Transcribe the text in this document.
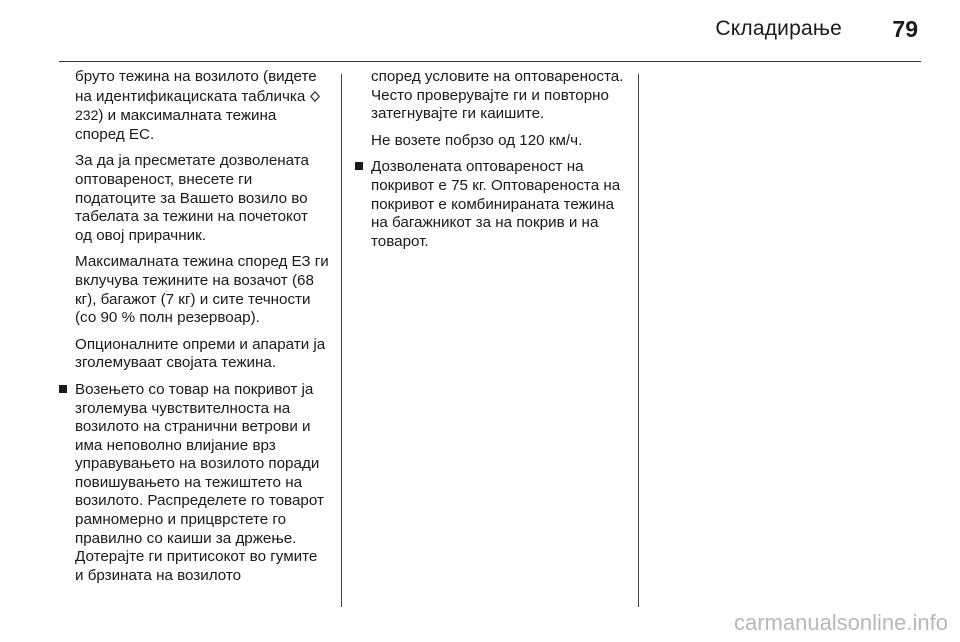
Складирање 79

бруто тежина на возилото (видете на идентификациската табличка  232) и максималната тежина според ЕС.

За да ја пресметате дозволената оптовареност, внесете ги податоците за Вашето возило во табелата за тежини на почетокот од овој прирачник.

Максималната тежина според ЕЗ ги вклучува тежините на возачот (68 кг), багажот (7 кг) и сите течности (со 90 % полн резервоар).

Опционалните опреми и апарати ја зголемуваат својата тежина.

Возењето со товар на покривот ја зголемува чувствителноста на возилото на странични ветрови и има неповолно влијание врз управувањето на возилото поради повишувањето на тежиштето на возилото. Распределете го товарот рамномерно и прицврстете го правилно со каиши за држење. Дотерајте ги притисокот во гумите и брзината на возилото

според условите на оптовареноста. Често проверувајте ги и повторно затегнувајте ги каишите.

Не возете побрзо од 120 км/ч.

Дозволената оптовареност на покривот е 75 кг. Оптовареноста на покривот е комбинираната тежина на багажникот за на покрив и на товарот.
carmanualsonline.info
